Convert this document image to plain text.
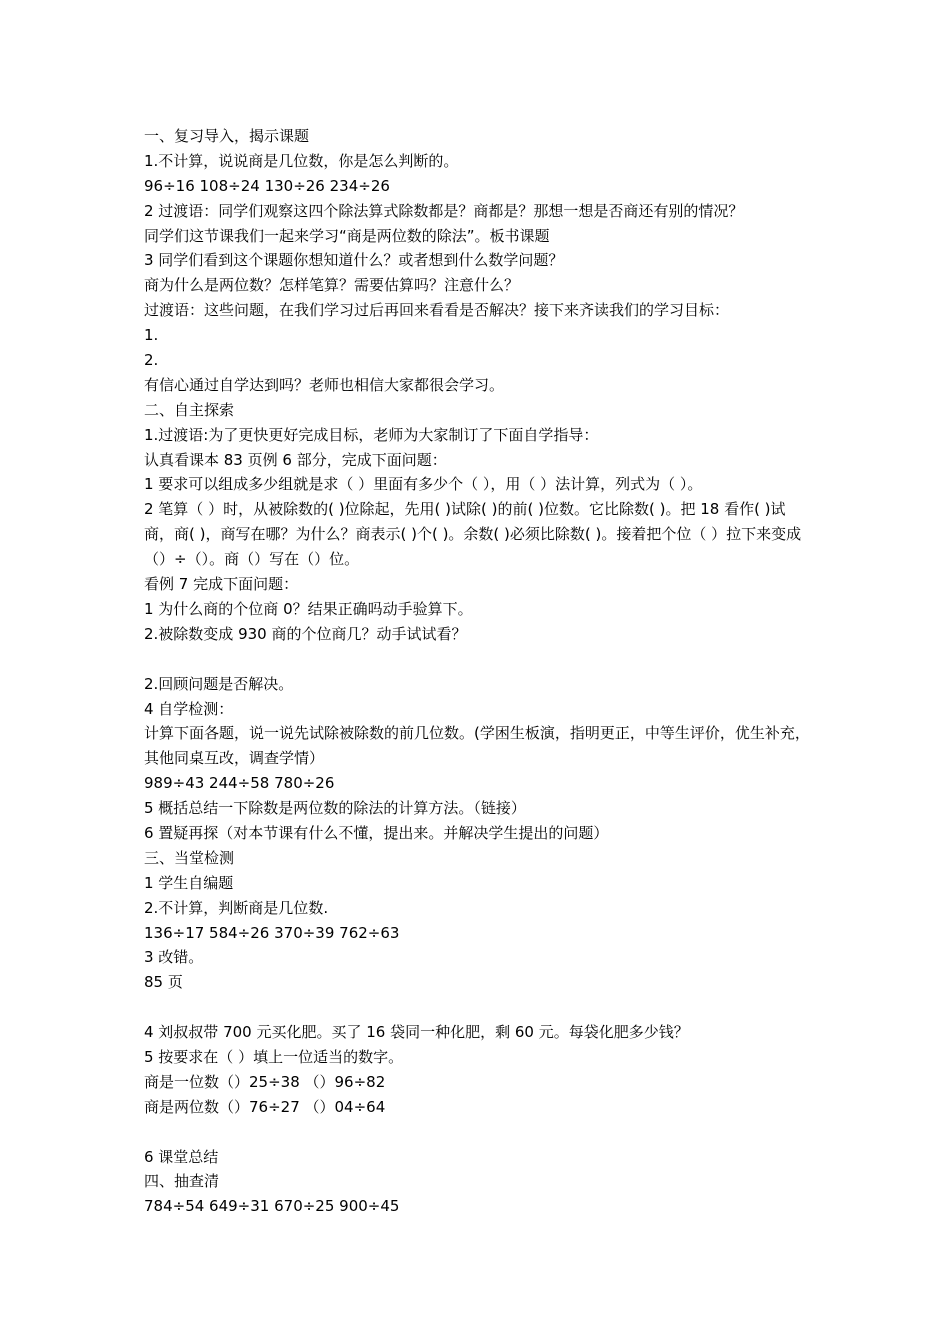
一、复习导入，揭示课题
1.不计算，说说商是几位数，你是怎么判断的。
96÷16 108÷24 130÷26 234÷26
2 过渡语：同学们观察这四个除法算式除数都是？商都是？那想一想是否商还有别的情况？
同学们这节课我们一起来学习“商是两位数的除法”。板书课题
3 同学们看到这个课题你想知道什么？或者想到什么数学问题？
商为什么是两位数？怎样笔算？需要估算吗？注意什么？
过渡语：这些问题，在我们学习过后再回来看看是否解决？接下来齐读我们的学习目标：
1.
2.
有信心通过自学达到吗？老师也相信大家都很会学习。
二、自主探索
1.过渡语:为了更快更好完成目标，老师为大家制订了下面自学指导：
认真看课本 83 页例 6 部分，完成下面问题：
1 要求可以组成多少组就是求（ ）里面有多少个（ ），用（ ）法计算，列式为（ ）。
2 笔算（ ）时，从被除数的( )位除起，先用( )试除( )的前( )位数。它比除数( )。把 18 看作( )试商，商( )，商写在哪？为什么？商表示( )个( )。余数( )必须比除数( )。接着把个位（ ）拉下来变成（）÷（）。商（）写在（）位。
看例 7 完成下面问题：
1 为什么商的个位商 0？结果正确吗动手验算下。
2.被除数变成 930 商的个位商几？动手试试看？
2.回顾问题是否解决。
4 自学检测：
计算下面各题，说一说先试除被除数的前几位数。(学困生板演，指明更正，中等生评价，优生补充，其他同桌互改，调查学情）
989÷43 244÷58 780÷26
5 概括总结一下除数是两位数的除法的计算方法。（链接）
6 置疑再探（对本节课有什么不懂，提出来。并解决学生提出的问题）
三、当堂检测
1 学生自编题
2.不计算，判断商是几位数.
136÷17 584÷26 370÷39 762÷63
3 改错。
85 页
4 刘叔叔带 700 元买化肥。买了 16 袋同一种化肥，剩 60 元。每袋化肥多少钱？
5 按要求在（ ）填上一位适当的数字。
商是一位数（）25÷38 （）96÷82
商是两位数（）76÷27 （）04÷64
6 课堂总结
四、抽查清
784÷54 649÷31 670÷25 900÷45
